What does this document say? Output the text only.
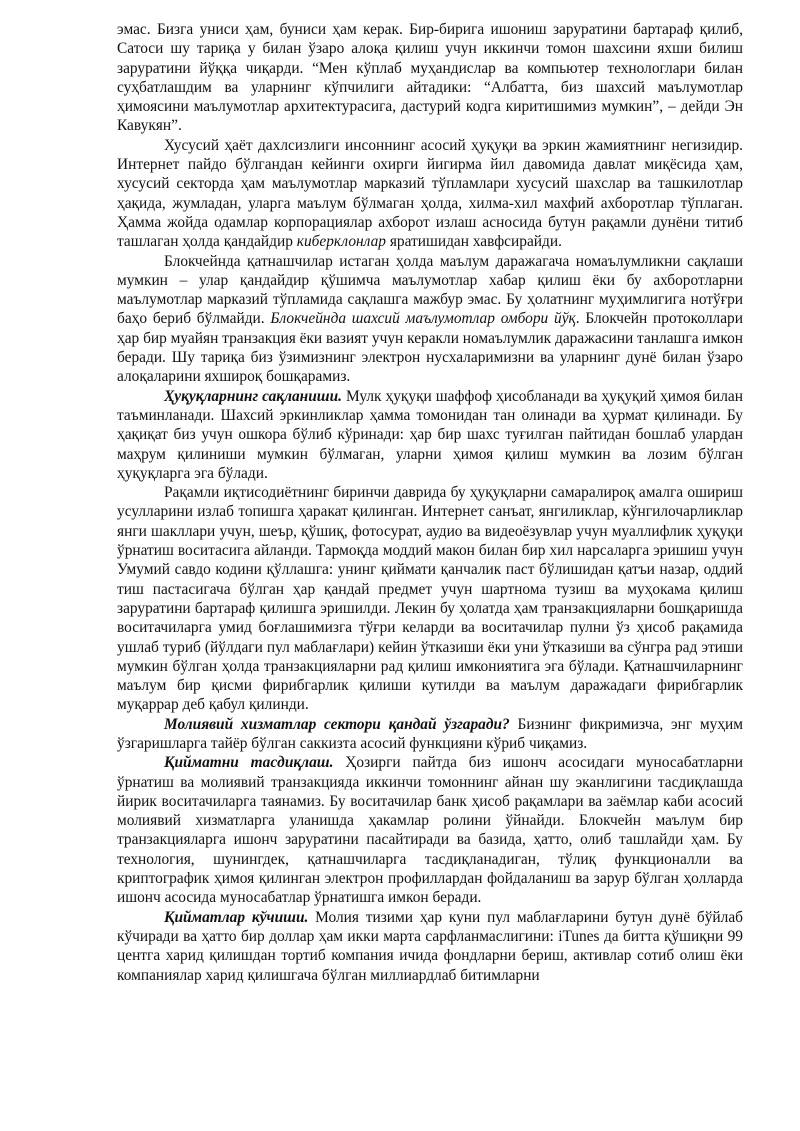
эмас. Бизга униси ҳам, буниси ҳам керак. Бир-бирига ишониш заруратини бартараф қилиб, Сатоси шу тариқа у билан ўзаро алоқа қилиш учун иккинчи томон шахсини яхши билиш заруратини йўққа чиқарди. “Мен кўплаб муҳандислар ва компьютер технологлари билан суҳбатлашдим ва уларнинг кўпчилиги айтадики: “Албатта, биз шахсий маълумотлар ҳимоясини маълумотлар архитектурасига, дастурий кодга киритишимиз мумкин”, – дейди Эн Кавукян”.

Хусусий ҳаёт дахлсизлиги инсоннинг асосий ҳуқуқи ва эркин жамиятнинг негизидир. Интернет пайдо бўлгандан кейинги охирги йигирма йил давомида давлат миқёсида ҳам, хусусий секторда ҳам маълумотлар марказий тўпламлари хусусий шахслар ва ташкилотлар ҳақида, жумладан, уларга маълум бўлмаган ҳолда, хилма-хил махфий ахборотлар тўплаган. Ҳамма жойда одамлар корпорациялар ахборот излаш асносида бутун рақамли дунёни титиб ташлаган ҳолда қандайдир киберклонлар яратишидан хавфсирайди.

Блокчейнда қатнашчилар истаган ҳолда маълум даражагача номаълумликни сақлаши мумкин – улар қандайдир қўшимча маълумотлар хабар қилиш ёки бу ахборотларни маълумотлар марказий тўпламида сақлашга мажбур эмас. Бу ҳолатнинг муҳимлигига нотўғри баҳо бериб бўлмайди. Блокчейнда шахсий маълумотлар омбори йўқ. Блокчейн протоколлари ҳар бир муайян транзакция ёки вазият учун керакли номаълумлик даражасини танлашга имкон беради. Шу тариқа биз ўзимизнинг электрон нусхаларимизни ва уларнинг дунё билан ўзаро алоқаларини яхшироқ бошқарамиз.

Ҳуқуқларнинг сақланиши. Мулк ҳуқуқи шаффоф ҳисобланади ва ҳуқуқий ҳимоя билан таъминланади. Шахсий эркинликлар ҳамма томонидан тан олинади ва ҳурмат қилинади. Бу ҳақиқат биз учун ошкора бўлиб кўринади: ҳар бир шахс туғилган пайтидан бошлаб улардан маҳрум қилиниши мумкин бўлмаган, уларни ҳимоя қилиш мумкин ва лозим бўлган ҳуқуқларга эга бўлади.

Рақамли иқтисодиётнинг биринчи даврида бу ҳуқуқларни самаралироқ амалга ошириш усулларини излаб топишга ҳаракат қилинган. Интернет санъат, янгиликлар, кўнгилочарликлар янги шакллари учун, шеър, қўшиқ, фотосурат, аудио ва видеоёзувлар учун муаллифлик ҳуқуқи ўрнатиш воситасига айланди. Тармоқда моддий макон билан бир хил нарсаларга эришиш учун Умумий савдо кодини қўллашга: унинг қиймати қанчалик паст бўлишидан қатъи назар, оддий тиш пастасигача бўлган ҳар қандай предмет учун шартнома тузиш ва муҳокама қилиш заруратини бартараф қилишга эришилди. Лекин бу ҳолатда ҳам транзакцияларни бошқаришда воситачиларга умид боғлашимизга тўғри келарди ва воситачилар пулни ўз ҳисоб рақамида ушлаб туриб (йўлдаги пул маблағлари) кейин ўтказиши ёки уни ўтказиши ва сўнгра рад этиши мумкин бўлган ҳолда транзакцияларни рад қилиш имкониятига эга бўлади. Қатнашчиларнинг маълум бир қисми фирибгарлик қилиши кутилди ва маълум даражадаги фирибгарлик муқаррар деб қабул қилинди.

Молиявий хизматлар сектори қандай ўзгаради? Бизнинг фикримизча, энг муҳим ўзгаришларга тайёр бўлган саккизта асосий функцияни кўриб чиқамиз.

Қийматни тасдиқлаш. Ҳозирги пайтда биз ишонч асосидаги муносабатларни ўрнатиш ва молиявий транзакцияда иккинчи томоннинг айнан шу эканлигини тасдиқлашда йирик воситачиларга таянамиз. Бу воситачилар банк ҳисоб рақамлари ва заёмлар каби асосий молиявий хизматларга уланишда ҳакамлар ролини ўйнайди. Блокчейн маълум бир транзакцияларга ишонч заруратини пасайтиради ва базида, ҳатто, олиб ташлайди ҳам. Бу технология, шунингдек, қатнашчиларга тасдиқланадиган, тўлиқ функционалли ва криптографик ҳимоя қилинган электрон профиллардан фойдаланиш ва зарур бўлган ҳолларда ишонч асосида муносабатлар ўрнатишга имкон беради.

Қийматлар кўчиши. Молия тизими ҳар куни пул маблағларини бутун дунё бўйлаб кўчиради ва ҳатто бир доллар ҳам икки марта сарфланмаслигини: iTunes да битта қўшиқни 99 центга харид қилишдан тортиб компания ичида фондларни бериш, активлар сотиб олиш ёки компаниялар харид қилишгача бўлган миллиардлаб битимларни
